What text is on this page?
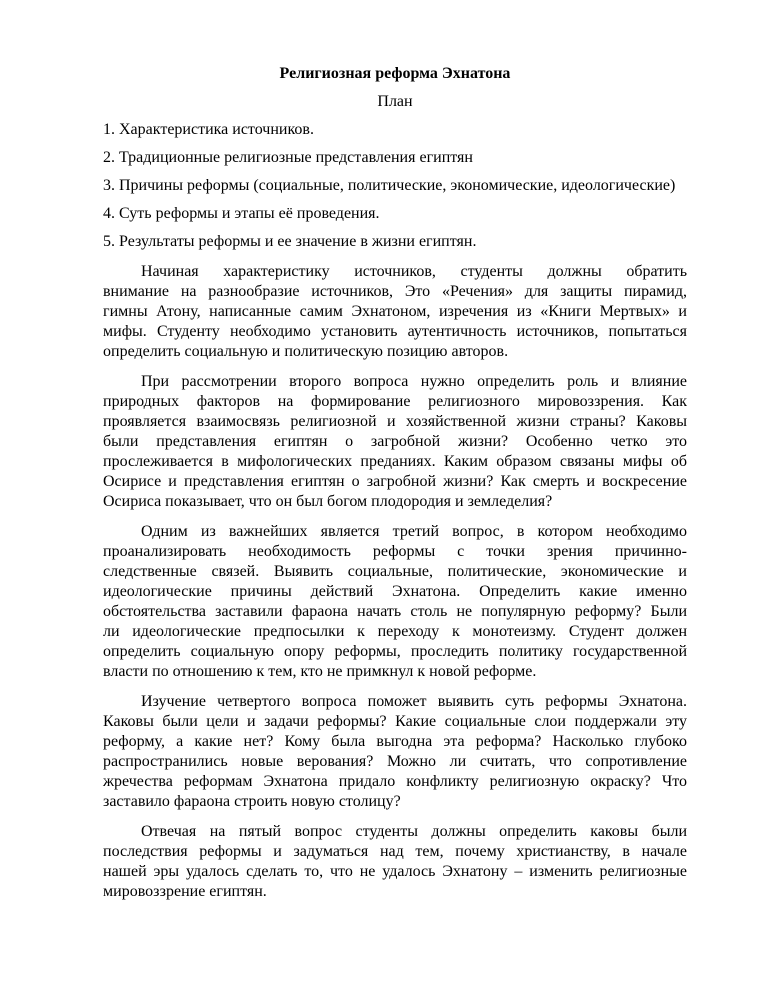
Религиозная реформа Эхнатона

План

1. Характеристика источников.

2. Традиционные религиозные представления египтян

3. Причины реформы (социальные, политические, экономические, идеологические)

4. Суть реформы и этапы её проведения.

5. Результаты реформы и ее значение в жизни египтян.

Начиная характеристику источников, студенты должны обратить
внимание на разнообразие источников, Это «Речения» для защиты пирамид,
гимны Атону, написанные самим Эхнатоном, изречения из «Книги Мертвых» и
мифы. Студенту необходимо установить аутентичность источников, попытаться
определить социальную и политическую позицию авторов.
При рассмотрении второго вопроса нужно определить роль и влияние
природных факторов на формирование религиозного мировоззрения. Как
проявляется взаимосвязь религиозной и хозяйственной жизни страны? Каковы
были представления египтян о загробной жизни? Особенно четко это
прослеживается в мифологических преданиях. Каким образом связаны мифы об
Осирисе и представления египтян о загробной жизни? Как смерть и воскресение
Осириса показывает, что он был богом плодородия и земледелия?
Одним из важнейших является третий вопрос, в котором необходимо
проанализировать необходимость реформы с точки зрения причинно-
следственные связей. Выявить социальные, политические, экономические и
идеологические причины действий Эхнатона. Определить какие именно
обстоятельства заставили фараона начать столь не популярную реформу? Были
ли идеологические предпосылки к переходу к монотеизму. Студент должен
определить социальную опору реформы, проследить политику государственной
власти по отношению к тем, кто не примкнул к новой реформе.
Изучение четвертого вопроса поможет выявить суть реформы Эхнатона.
Каковы были цели и задачи реформы? Какие социальные слои поддержали эту
реформу, а какие нет? Кому была выгодна эта реформа? Насколько глубоко
распространились новые верования? Можно ли считать, что сопротивление
жречества реформам Эхнатона придало конфликту религиозную окраску? Что
заставило фараона строить новую столицу?
Отвечая на пятый вопрос студенты должны определить каковы были
последствия реформы и задуматься над тем, почему христианству, в начале
нашей эры удалось сделать то, что не удалось Эхнатону – изменить религиозные
мировоззрение египтян.
